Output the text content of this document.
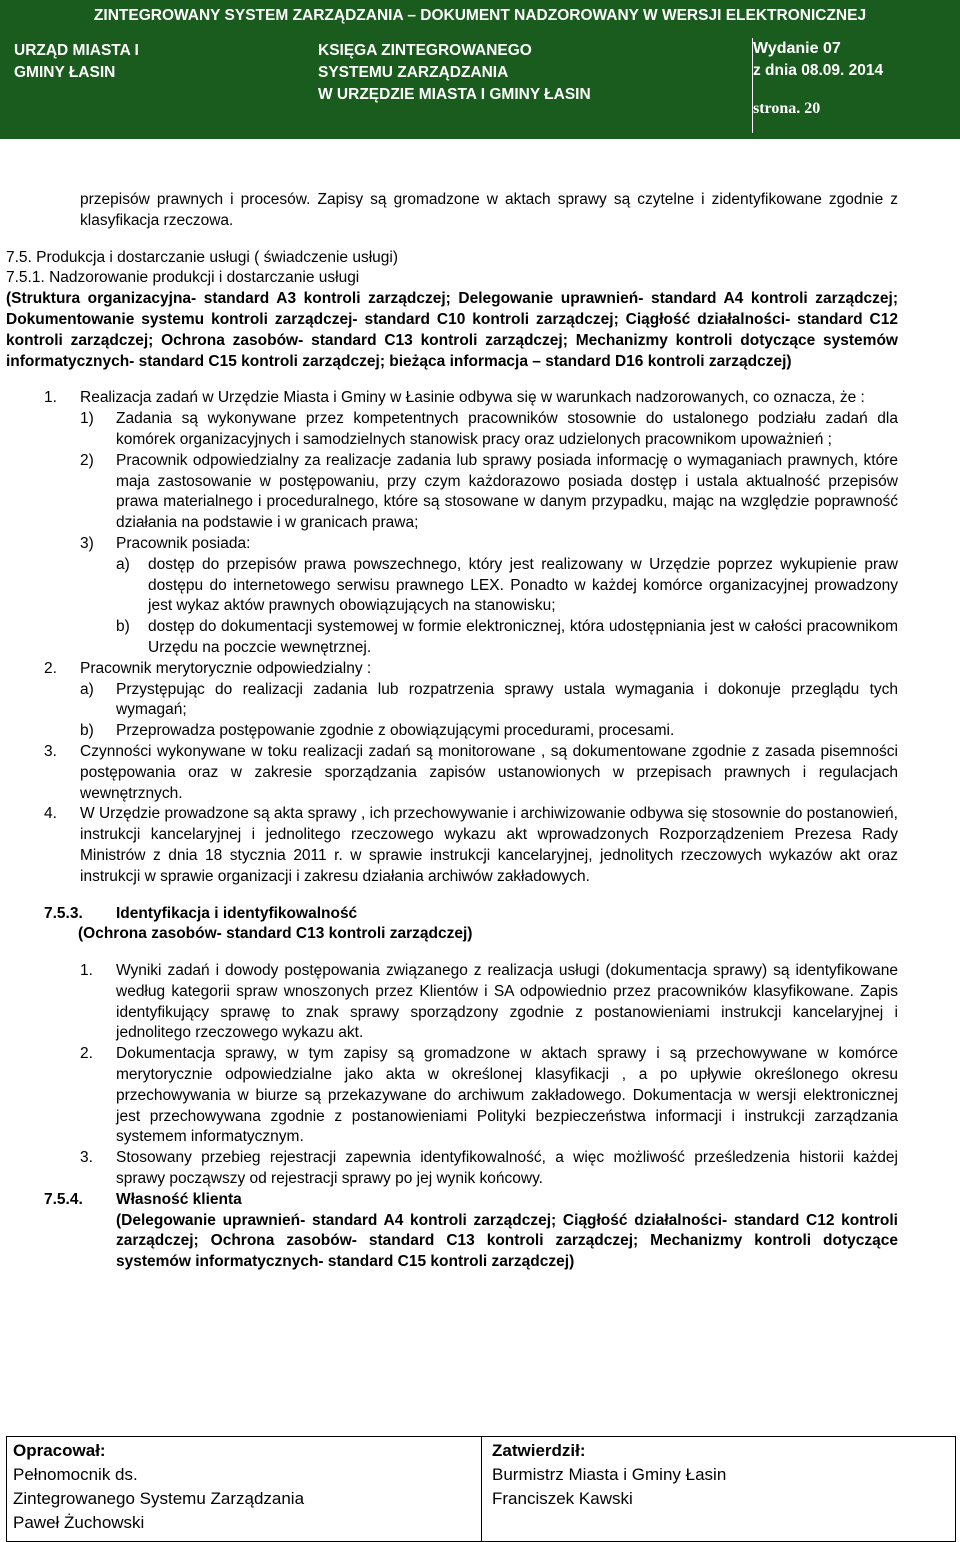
ZINTEGROWANY SYSTEM ZARZĄDZANIA – DOKUMENT NADZOROWANY W WERSJI ELEKTRONICZNEJ
URZĄD MIASTA I
GMINY ŁASIN
KSIĘGA ZINTEGROWANEGO
SYSTEMU ZARZĄDZANIA
W URZĘDZIE MIASTA I GMINY ŁASIN
Wydanie 07
z dnia 08.09. 2014
strona. 20

przepisów prawnych i procesów. Zapisy są gromadzone w aktach sprawy są czytelne i zidentyfikowane zgodnie z klasyfikacja rzeczowa.

7.5. Produkcja i dostarczanie usługi ( świadczenie usługi)

7.5.1. Nadzorowanie produkcji i dostarczanie usługi

(Struktura organizacyjna- standard A3 kontroli zarządczej; Delegowanie uprawnień- standard A4 kontroli zarządczej; Dokumentowanie systemu kontroli zarządczej- standard C10 kontroli zarządczej; Ciągłość działalności- standard C12 kontroli zarządczej; Ochrona zasobów- standard C13 kontroli zarządczej; Mechanizmy kontroli dotyczące systemów informatycznych- standard C15 kontroli zarządczej; bieżąca informacja – standard D16 kontroli zarządczej)

1.	Realizacja zadań w Urzędzie Miasta i Gminy w Łasinie odbywa się w warunkach nadzorowanych, co oznacza, że :
1)	Zadania są wykonywane przez kompetentnych pracowników stosownie do ustalonego podziału zadań dla komórek organizacyjnych i samodzielnych stanowisk pracy oraz udzielonych pracownikom upoważnień ;
2)	Pracownik odpowiedzialny za realizacje zadania lub sprawy posiada informację o wymaganiach prawnych, które maja zastosowanie w postępowaniu, przy czym każdorazowo posiada dostęp i ustala aktualność przepisów prawa materialnego i proceduralnego, które są stosowane w danym przypadku, mając na względzie poprawność działania na podstawie i w granicach prawa;
3)	Pracownik posiada:
a)	dostęp do przepisów prawa powszechnego, który jest realizowany w Urzędzie poprzez wykupienie praw dostępu do internetowego serwisu prawnego LEX. Ponadto w każdej komórce organizacyjnej prowadzony jest wykaz aktów prawnych obowiązujących na stanowisku;
b)	dostęp do dokumentacji systemowej w formie elektronicznej, która udostępniania jest w całości pracownikom Urzędu na poczcie wewnętrznej.
2.	Pracownik merytorycznie odpowiedzialny :
a)	Przystępując do realizacji zadania lub rozpatrzenia sprawy ustala wymagania i dokonuje przeglądu tych wymagań;
b)	Przeprowadza postępowanie zgodnie z obowiązującymi procedurami, procesami.
3.	Czynności wykonywane w toku realizacji zadań są monitorowane , są dokumentowane zgodnie z zasada pisemności postępowania oraz w zakresie sporządzania zapisów ustanowionych w przepisach prawnych i regulacjach wewnętrznych.
4.	W Urzędzie prowadzone są akta sprawy , ich przechowywanie i archiwizowanie odbywa się stosownie do postanowień, instrukcji kancelaryjnej i jednolitego rzeczowego wykazu akt wprowadzonych Rozporządzeniem Prezesa Rady Ministrów z dnia 18 stycznia 2011 r. w sprawie instrukcji kancelaryjnej, jednolitych rzeczowych wykazów akt oraz instrukcji w sprawie organizacji i zakresu działania archiwów zakładowych.
7.5.3.	Identyfikacja i identyfikowalność

(Ochrona zasobów- standard C13 kontroli zarządczej)

1.	Wyniki zadań i dowody postępowania związanego z realizacja usługi (dokumentacja sprawy) są identyfikowane według kategorii spraw wnoszonych przez Klientów i SA odpowiednio przez pracowników klasyfikowane. Zapis identyfikujący sprawę to znak sprawy sporządzony zgodnie z postanowieniami instrukcji kancelaryjnej i jednolitego rzeczowego wykazu akt.
2.	Dokumentacja sprawy, w tym zapisy są gromadzone w aktach sprawy i są przechowywane w komórce merytorycznie odpowiedzialne jako akta w określonej klasyfikacji , a po upływie określonego okresu przechowywania w biurze są przekazywane do archiwum zakładowego. Dokumentacja w wersji elektronicznej jest przechowywana zgodnie z postanowieniami Polityki bezpieczeństwa informacji i instrukcji zarządzania systemem informatycznym.
3.	Stosowany przebieg rejestracji zapewnia identyfikowalność, a więc możliwość prześledzenia historii każdej sprawy począwszy od rejestracji sprawy po jej wynik końcowy.
7.5.4.	Własność klienta

(Delegowanie uprawnień- standard A4 kontroli zarządczej; Ciągłość działalności- standard C12 kontroli zarządczej; Ochrona zasobów- standard C13 kontroli zarządczej; Mechanizmy kontroli dotyczące systemów informatycznych- standard C15 kontroli zarządczej)

Opracował:
Pełnomocnik ds.
Zintegrowanego Systemu Zarządzania
Paweł Żuchowski
Zatwierdził:
Burmistrz Miasta i Gminy Łasin
Franciszek Kawski
